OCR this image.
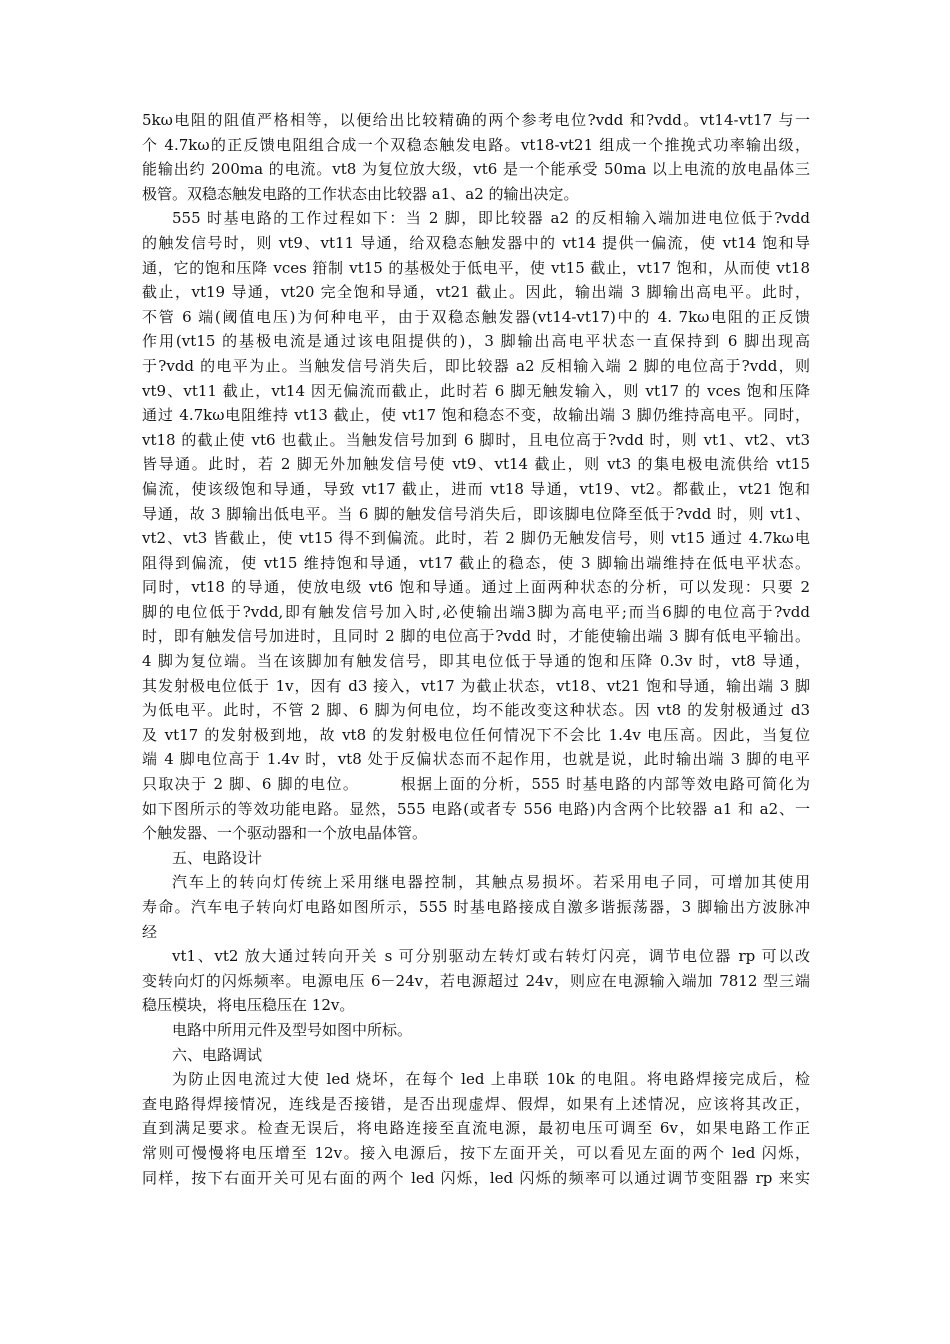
5kω电阻的阻值严格相等，以便给出比较精确的两个参考电位?vdd 和?vdd。vt14-vt17 与一
个 4.7kω的正反馈电阻组合成一个双稳态触发电路。vt18-vt21 组成一个推挽式功率输出级，
能输出约 200ma 的电流。vt8 为复位放大级，vt6 是一个能承受 50ma 以上电流的放电晶体三
极管。双稳态触发电路的工作状态由比较器 a1、a2 的输出决定。
555 时基电路的工作过程如下：当 2 脚，即比较器 a2 的反相输入端加进电位低于?vdd
的触发信号时，则 vt9、vt11 导通，给双稳态触发器中的 vt14 提供一偏流，使 vt14 饱和导
通，它的饱和压降 vces 箝制 vt15 的基极处于低电平，使 vt15 截止，vt17 饱和，从而使 vt18
截止，vt19 导通，vt20 完全饱和导通，vt21 截止。因此，输出端 3 脚输出高电平。此时，
不管 6 端(阈值电压)为何种电平，由于双稳态触发器(vt14-vt17)中的 4. 7kω电阻的正反馈
作用(vt15 的基极电流是通过该电阻提供的)，3 脚输出高电平状态一直保持到 6 脚出现高
于?vdd 的电平为止。当触发信号消失后，即比较器 a2 反相输入端 2 脚的电位高于?vdd，则
vt9、vt11 截止，vt14 因无偏流而截止，此时若 6 脚无触发输入，则 vt17 的 vces 饱和压降
通过 4.7kω电阻维持 vt13 截止，使 vt17 饱和稳态不变，故输出端 3 脚仍维持高电平。同时，
vt18 的截止使 vt6 也截止。当触发信号加到 6 脚时，且电位高于?vdd 时，则 vt1、vt2、vt3
皆导通。此时，若 2 脚无外加触发信号使 vt9、vt14 截止，则 vt3 的集电极电流供给 vt15
偏流，使该级饱和导通，导致 vt17 截止，进而 vt18 导通，vt19、vt2。都截止，vt21 饱和
导通，故 3 脚输出低电平。当 6 脚的触发信号消失后，即该脚电位降至低于?vdd 时，则 vt1、
vt2、vt3 皆截止，使 vt15 得不到偏流。此时，若 2 脚仍无触发信号，则 vt15 通过 4.7kω电
阻得到偏流，使 vt15 维持饱和导通，vt17 截止的稳态，使 3 脚输出端维持在低电平状态。
同时，vt18 的导通，使放电级 vt6 饱和导通。通过上面两种状态的分析，可以发现：只要 2
脚的电位低于?vdd,即有触发信号加入时,必使输出端3脚为高电平;而当6脚的电位高于?vdd
时，即有触发信号加进时，且同时 2 脚的电位高于?vdd 时，才能使输出端 3 脚有低电平输出。
4 脚为复位端。当在该脚加有触发信号，即其电位低于导通的饱和压降 0.3v 时，vt8 导通，
其发射极电位低于 1v，因有 d3 接入，vt17 为截止状态，vt18、vt21 饱和导通，输出端 3 脚
为低电平。此时，不管 2 脚、6 脚为何电位，均不能改变这种状态。因 vt8 的发射极通过 d3
及 vt17 的发射极到地，故 vt8 的发射极电位任何情况下不会比 1.4v 电压高。因此，当复位
端 4 脚电位高于 1.4v 时，vt8 处于反偏状态而不起作用，也就是说，此时输出端 3 脚的电平
只取决于 2 脚、6 脚的电位。　　　根据上面的分析，555 时基电路的内部等效电路可简化为
如下图所示的等效功能电路。显然，555 电路(或者专 556 电路)内含两个比较器 a1 和 a2、一
个触发器、一个驱动器和一个放电晶体管。
五、电路设计
汽车上的转向灯传统上采用继电器控制，其触点易损坏。若采用电子同，可增加其使用
寿命。汽车电子转向灯电路如图所示，555 时基电路接成自激多谐振荡器，3 脚输出方波脉冲
经
vt1、vt2 放大通过转向开关 s 可分别驱动左转灯或右转灯闪亮，调节电位器 rp 可以改
变转向灯的闪烁频率。电源电压 6－24v，若电源超过 24v，则应在电源输入端加 7812 型三端
稳压模块，将电压稳压在 12v。
电路中所用元件及型号如图中所标。
六、电路调试
为防止因电流过大使 led 烧坏，在每个 led 上串联 10k 的电阻。将电路焊接完成后，检
查电路得焊接情况，连线是否接错，是否出现虚焊、假焊，如果有上述情况，应该将其改正，
直到满足要求。检查无误后，将电路连接至直流电源，最初电压可调至 6v，如果电路工作正
常则可慢慢将电压增至 12v。接入电源后，按下左面开关，可以看见左面的两个 led 闪烁，
同样，按下右面开关可见右面的两个 led 闪烁，led 闪烁的频率可以通过调节变阻器 rp 来实
